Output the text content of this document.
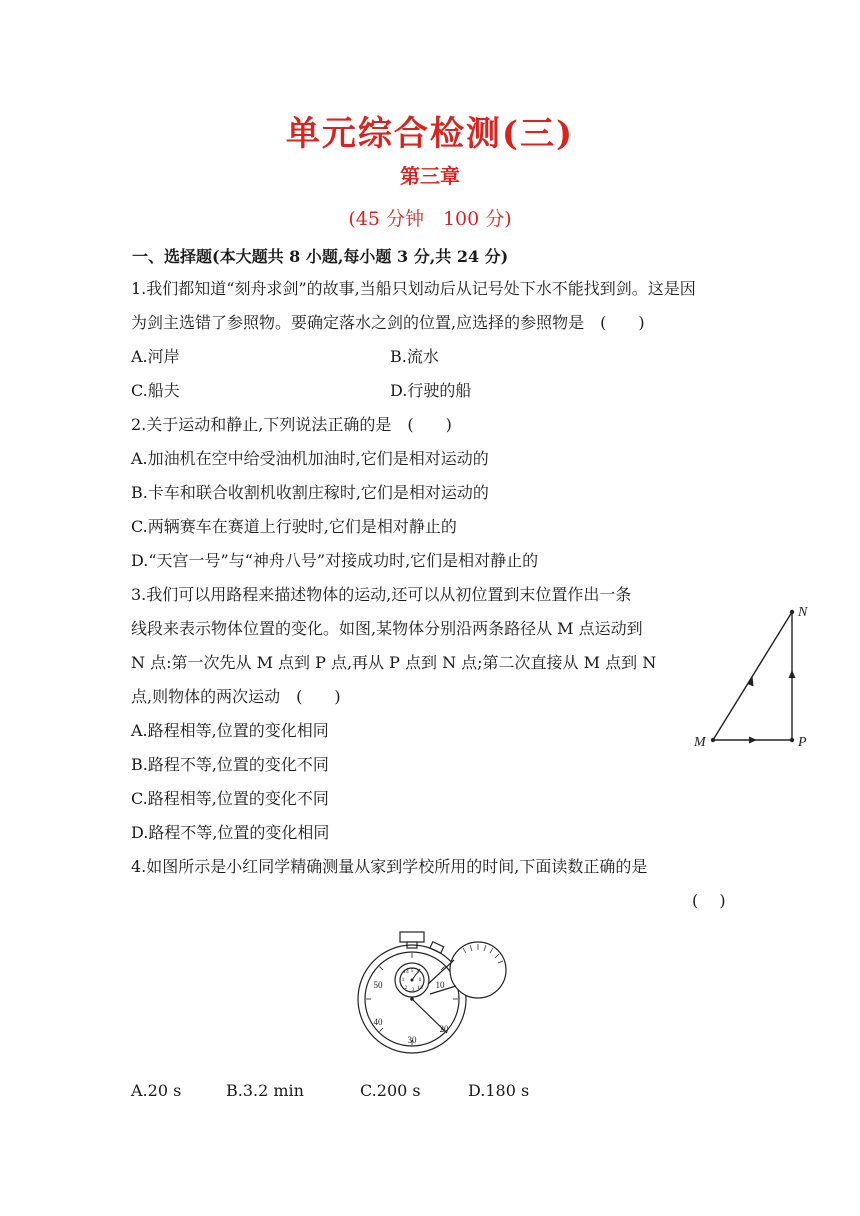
单元综合检测(三)
第三章
(45 分钟　100 分)
一、选择题(本大题共 8 小题,每小题 3 分,共 24 分)
1.我们都知道“刻舟求剑”的故事,当船只划动后从记号处下水不能找到剑。这是因
为剑主选错了参照物。要确定落水之剑的位置,应选择的参照物是　(　　)
A.河岸	B.流水
C.船夫	D.行驶的船
2.关于运动和静止,下列说法正确的是　(　　)
A.加油机在空中给受油机加油时,它们是相对运动的
B.卡车和联合收割机收割庄稼时,它们是相对运动的
C.两辆赛车在赛道上行驶时,它们是相对静止的
D.“天宫一号”与“神舟八号”对接成功时,它们是相对静止的
3.我们可以用路程来描述物体的运动,还可以从初位置到末位置作出一条
线段来表示物体位置的变化。如图,某物体分别沿两条路径从 M 点运动到
N 点:第一次先从 M 点到 P 点,再从 P 点到 N 点;第二次直接从 M 点到 N
点,则物体的两次运动　(　　)
A.路程相等,位置的变化相同
B.路程不等,位置的变化不同
C.路程相等,位置的变化不同
D.路程不等,位置的变化相同
M	P
N
4.如图所示是小红同学精确测量从家到学校所用的时间,下面读数正确的是
(　 )
10
20
30
40
50
14 5 1
0
1
2 3 13
A.20 s	B.3.2 min	C.200 s	D.180 s
